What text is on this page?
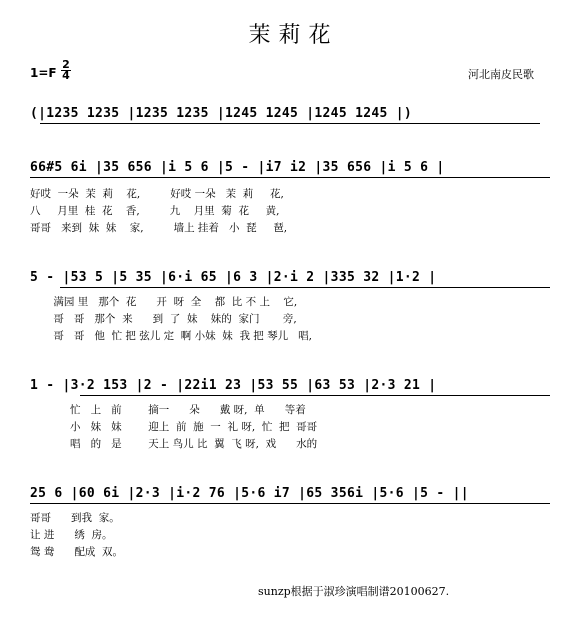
茉莉花
1=F
2
4	河北南皮民歌
(|1235 1235 |1235 1235 |1245 1245 |1245 1245 |)
66#5 6i |35 656 |i 5 6 |5 - |i7 i2 |35 656 |i 5 6 |
好哎  一朵  茉  莉    花,         好哎 一朵   茉  莉     花,
八     月里  桂  花    香,         九    月里  菊  花     黄,
哥哥   来到  妹  妹    家,         墙上 挂着   小  琵     琶,
5 - |53 5 |5 35 |6·i 65 |6 3 |2·i 2 |335 32 |1·2 |
满园 里   那个  花      开  呀  全    都  比 不 上    它,
哥   哥   那个  来      到  了  妹    妹的  家门       旁,
哥   哥   他  忙 把 弦儿 定  啊 小妹  妹  我 把 琴儿   唱,
1 - |3·2 153 |2 - |22i1 23 |53 55 |63 53 |2·3 21 |
忙   上   前        摘一      朵      戴 呀,  单      等着
小   妹   妹        迎上  前  施  一  礼 呀,  忙  把  哥哥
唱   的   是        天上 鸟儿 比  翼  飞 呀,  戏      水的
25 6 |60 6i |2·3 |i·2 76 |5·6 i7 |65 356i |5·6 |5 - ||
哥哥      到我  家。
让 进      绣  房。
鸳 鸯      配成  双。
sunzp根据于淑珍演唱制谱20100627.
